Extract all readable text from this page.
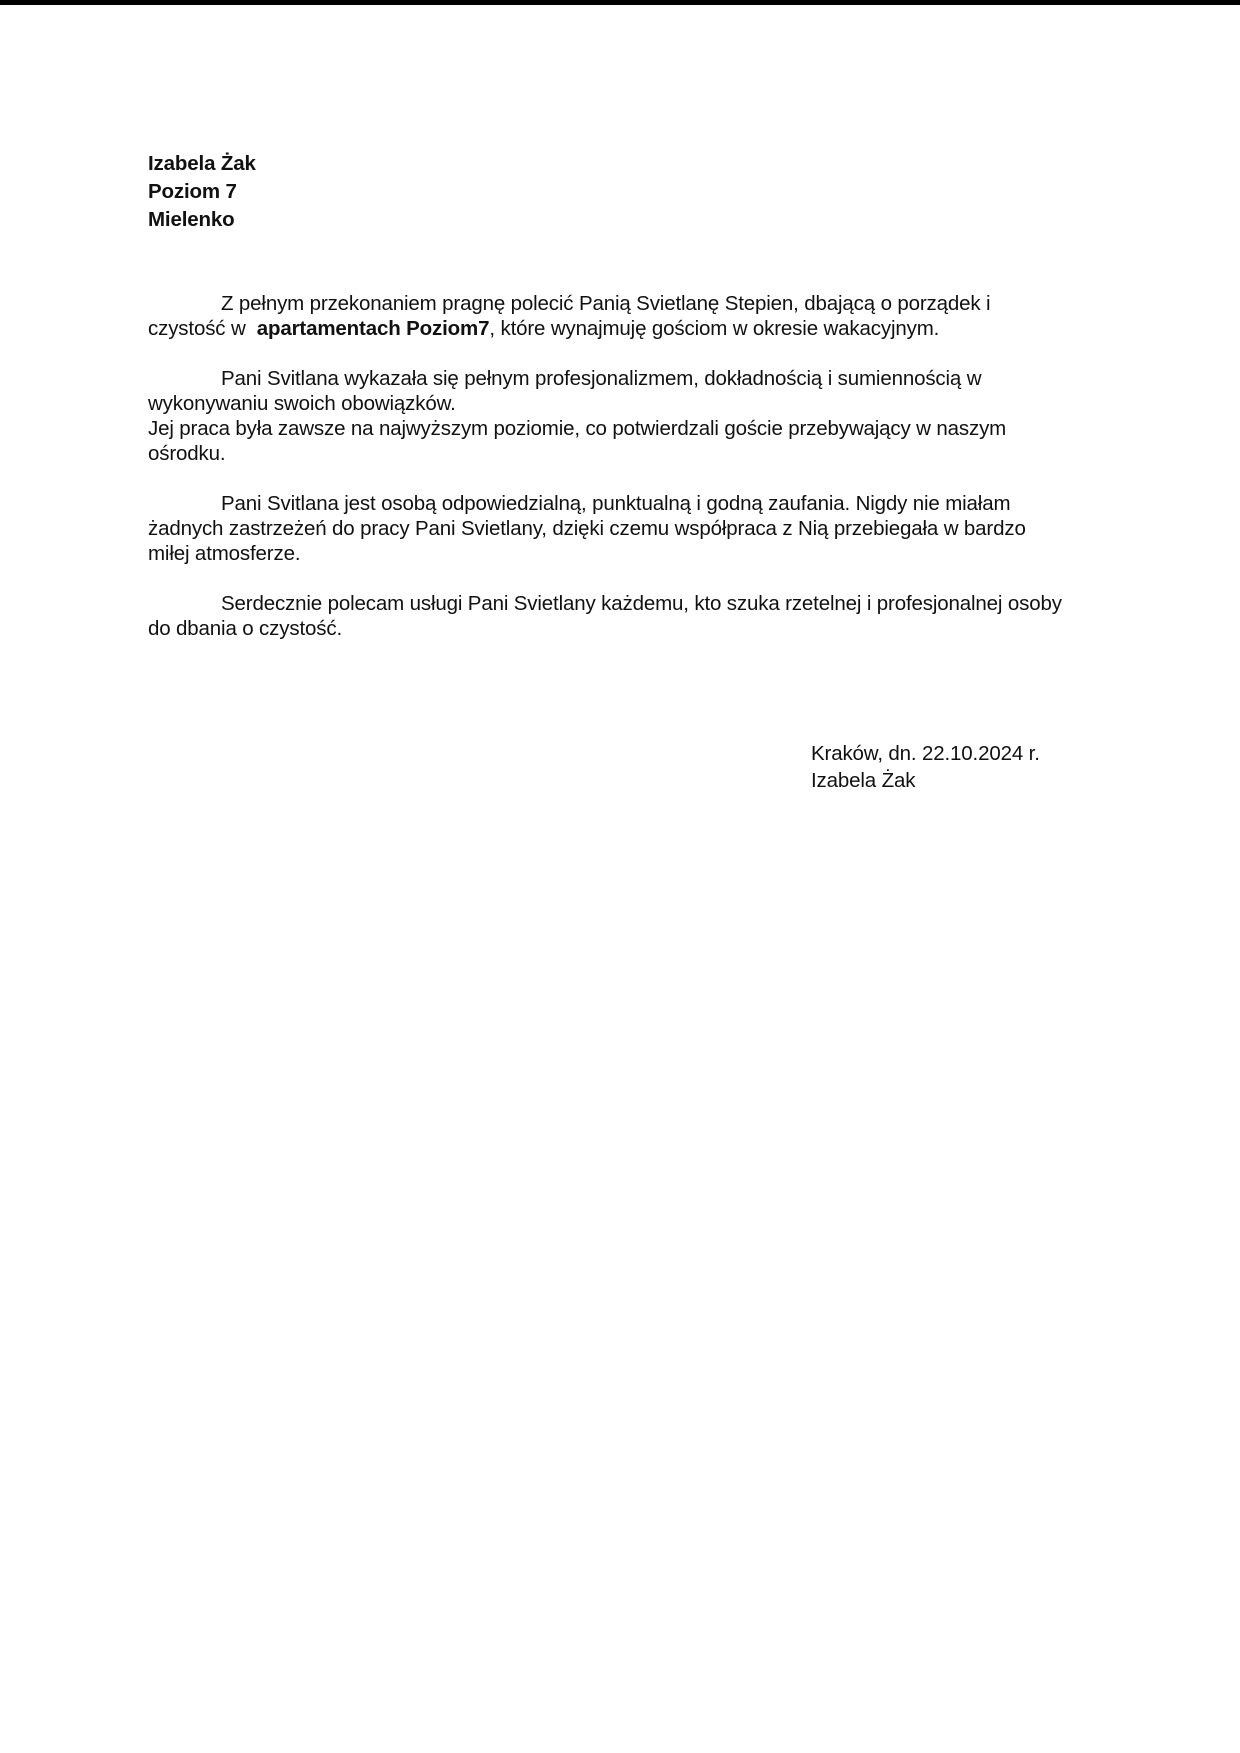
Izabela Żak
Poziom 7
Mielenko

Z pełnym przekonaniem pragnę polecić Panią Svietlanę Stepien, dbającą o porządek i
czystość w  apartamentach Poziom7, które wynajmuję gościom w okresie wakacyjnym.

Pani Svitlana wykazała się pełnym profesjonalizmem, dokładnością i sumiennością w
wykonywaniu swoich obowiązków.
Jej praca była zawsze na najwyższym poziomie, co potwierdzali goście przebywający w naszym
ośrodku.

Pani Svitlana jest osobą odpowiedzialną, punktualną i godną zaufania. Nigdy nie miałam
żadnych zastrzeżeń do pracy Pani Svietlany, dzięki czemu współpraca z Nią przebiegała w bardzo
miłej atmosferze.

Serdecznie polecam usługi Pani Svietlany każdemu, kto szuka rzetelnej i profesjonalnej osoby
do dbania o czystość.

Kraków, dn. 22.10.2024 r.
Izabela Żak
